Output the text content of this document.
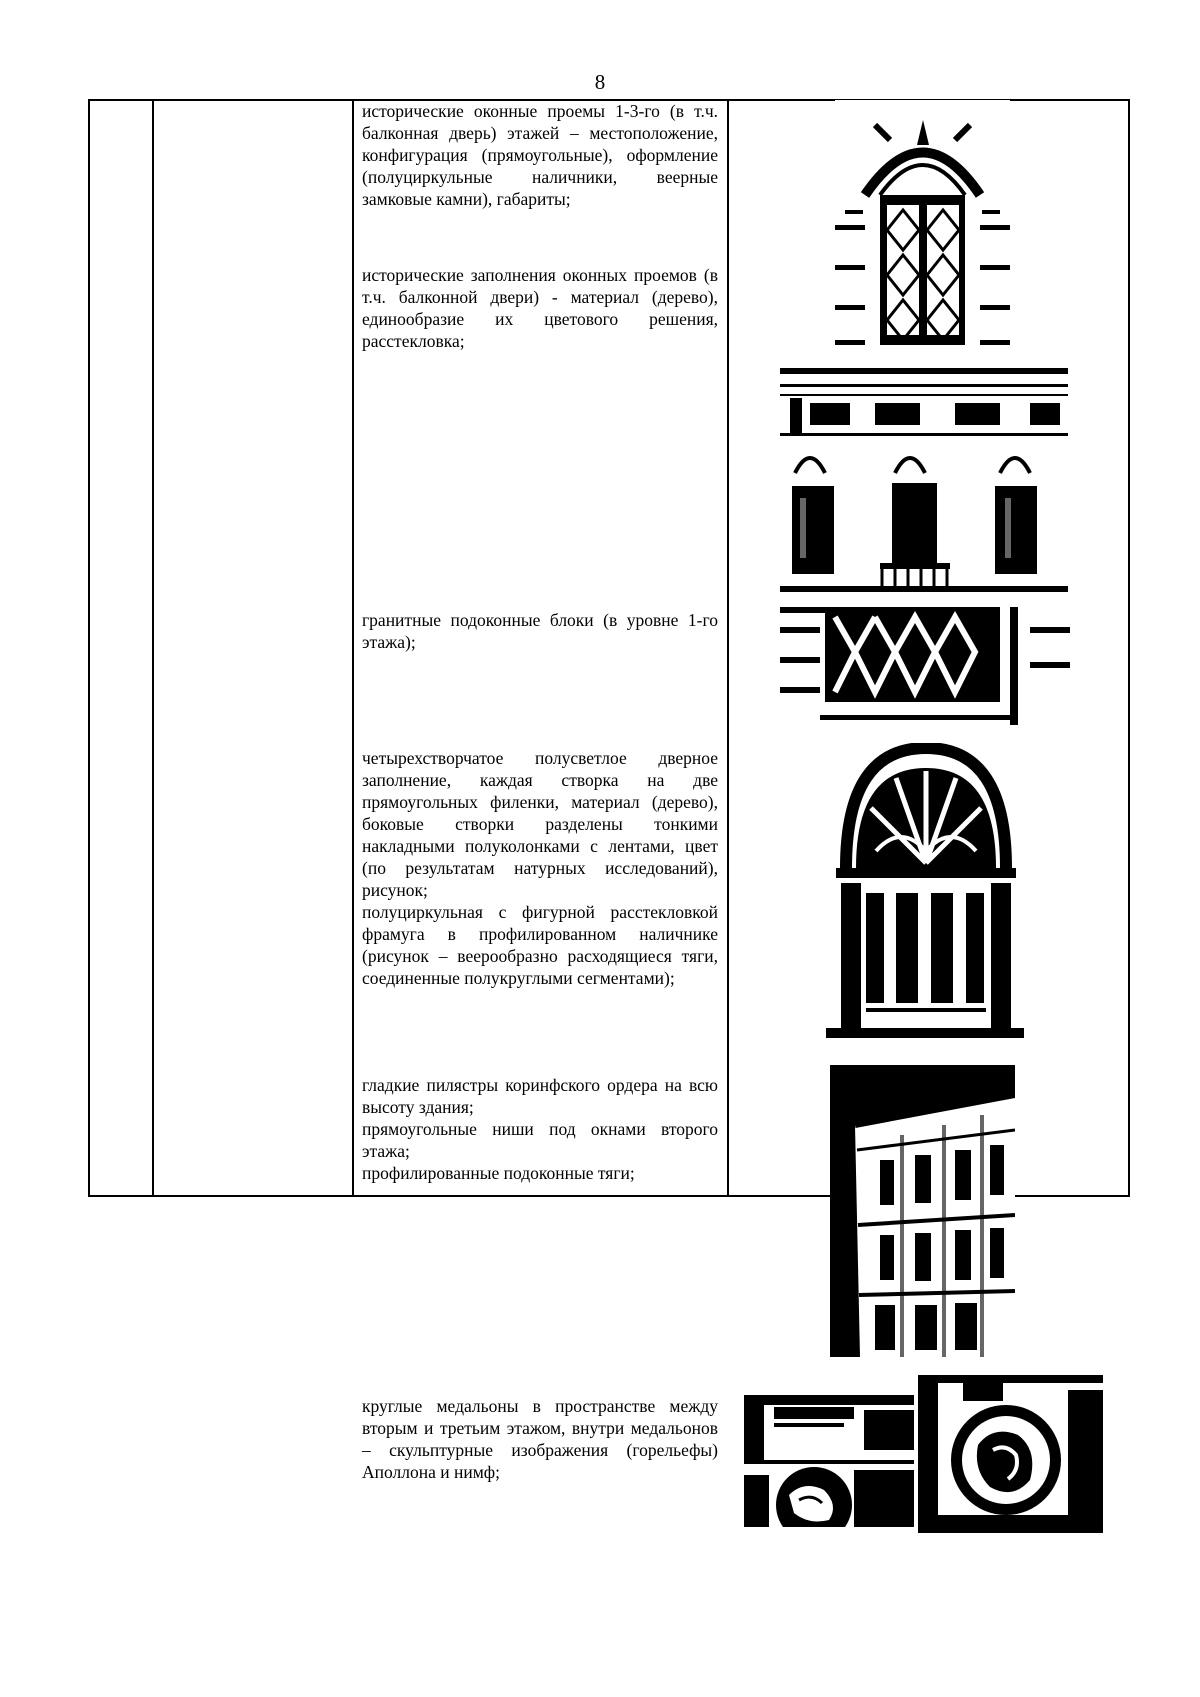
8

исторические оконные проемы 1-3-го (в т.ч. балконная дверь) этажей – местоположение, конфигурация (прямоугольные), оформление (полуциркульные наличники, веерные замковые камни), габариты;

исторические заполнения оконных проемов (в т.ч. балконной двери) - материал (дерево), единообразие их цветового решения, расстекловка;

гранитные подоконные блоки (в уровне 1-го этажа);

четырехстворчатое полусветлое дверное заполнение, каждая створка на две прямоугольных филенки, материал (дерево), боковые створки разделены тонкими накладными полуколонками с лентами, цвет (по результатам натурных исследований), рисунок;

полуциркульная с фигурной расстекловкой фрамуга в профилированном наличнике (рисунок – веерообразно расходящиеся тяги, соединенные полукруглыми сегментами);

гладкие пилястры коринфского ордера на всю высоту здания;

прямоугольные ниши под окнами второго этажа;

профилированные подоконные тяги;

круглые медальоны в пространстве между вторым и третьим этажом, внутри медальонов – скульптурные изображения (горельефы) Аполлона и нимф;
